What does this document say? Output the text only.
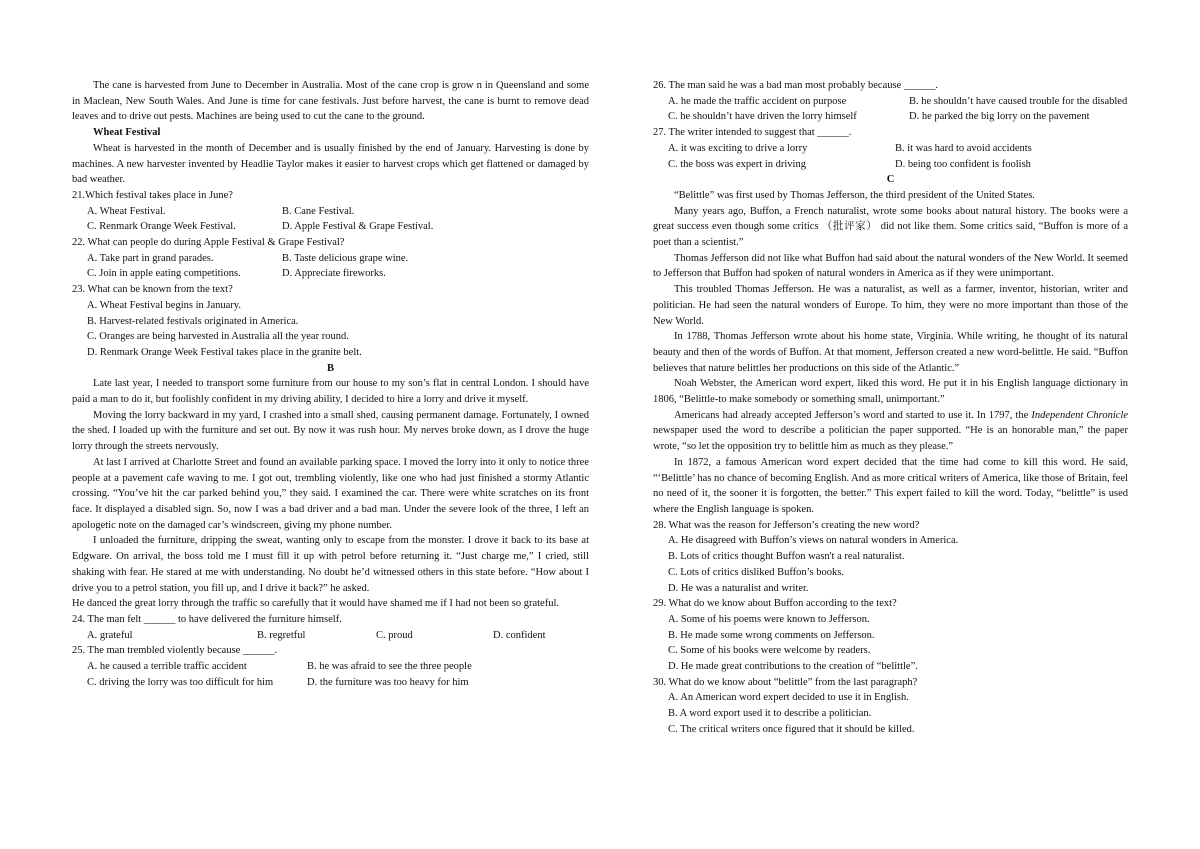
The cane is harvested from June to December in Australia. Most of the cane crop is grow n in Queensland and some in Maclean, New South Wales. And June is time for cane festivals. Just before harvest, the cane is burnt to remove dead leaves and to drive out pests. Machines are being used to cut the cane to the ground.

Wheat Festival

Wheat is harvested in the month of December and is usually finished by the end of January. Harvesting is done by machines. A new harvester invented by Headlie Taylor makes it easier to harvest crops which get flattened or damaged by bad weather.

21.Which festival takes place in June?

A. Wheat Festival.	B. Cane Festival.
C. Renmark Orange Week Festival.	D. Apple Festival & Grape Festival.

22. What can people do during Apple Festival & Grape Festival?

A. Take part in grand parades.	B. Taste delicious grape wine.
C. Join in apple eating competitions.	D. Appreciate fireworks.

23. What can be known from the text?

A. Wheat Festival begins in January.
B. Harvest-related festivals originated in America.
C. Oranges are being harvested in Australia all the year round.
D. Renmark Orange Week Festival takes place in the granite belt.

B

Late last year, I needed to transport some furniture from our house to my son’s flat in central London. I should have paid a man to do it, but foolishly confident in my driving ability, I decided to hire a lorry and drive it myself.

Moving the lorry backward in my yard, I crashed into a small shed, causing permanent damage. Fortunately, I owned the shed. I loaded up with the furniture and set out. By now it was rush hour. My nerves broke down, as I drove the huge lorry through the streets nervously.

At last I arrived at Charlotte Street and found an available parking space. I moved the lorry into it only to notice three people at a pavement cafe waving to me. I got out, trembling violently, like one who had just finished a stormy Atlantic crossing. “You’ve hit the car parked behind you,” they said. I examined the car. There were white scratches on its front face. It displayed a disabled sign. So, now I was a bad driver and a bad man. Under the severe look of the three, I left an apologetic note on the damaged car’s windscreen, giving my phone number.

I unloaded the furniture, dripping the sweat, wanting only to escape from the monster. I drove it back to its base at Edgware. On arrival, the boss told me I must fill it up with petrol before returning it. “Just charge me,” I cried, still shaking with fear. He stared at me with understanding. No doubt he’d witnessed others in this state before. “How about I drive you to a petrol station, you fill up, and I drive it back?” he asked.

He danced the great lorry through the traffic so carefully that it would have shamed me if I had not been so grateful.

24. The man felt ______ to have delivered the furniture himself.

A. grateful	B. regretful	C. proud	D. confident

25. The man trembled violently because ______.

A. he caused a terrible traffic accident	B. he was afraid to see the three people
C. driving the lorry was too difficult for him	D. the furniture was too heavy for him

26. The man said he was a bad man most probably because ______.

A. he made the traffic accident on purpose	B. he shouldn’t have caused trouble for the disabled
C. he shouldn’t have driven the lorry himself	D. he parked the big lorry on the pavement

27. The writer intended to suggest that ______.

A. it was exciting to drive a lorry	B. it was hard to avoid accidents
C. the boss was expert in driving	D. being too confident is foolish

C

“Belittle” was first used by Thomas Jefferson, the third president of the United States.

Many years ago, Buffon, a French naturalist, wrote some books about natural history. The books were a great success even though some critics （批评家） did not like them. Some critics said, “Buffon is more of a poet than a scientist.”

Thomas Jefferson did not like what Buffon had said about the natural wonders of the New World. It seemed to Jefferson that Buffon had spoken of natural wonders in America as if they were unimportant.

This troubled Thomas Jefferson. He was a naturalist, as well as a farmer, inventor, historian, writer and politician. He had seen the natural wonders of Europe. To him, they were no more important than those of the New World.

In 1788, Thomas Jefferson wrote about his home state, Virginia. While writing, he thought of its natural beauty and then of the words of Buffon. At that moment, Jefferson created a new word-belittle. He said. “Buffon believes that nature belittles her productions on this side of the Atlantic.”

Noah Webster, the American word expert, liked this word. He put it in his English language dictionary in 1806, “Belittle-to make somebody or something small, unimportant.”

Americans had already accepted Jefferson’s word and started to use it. In 1797, the Independent Chronicle newspaper used the word to describe a politician the paper supported. “He is an honorable man,” the paper wrote, “so let the opposition try to belittle him as much as they please.”

In 1872, a famous American word expert decided that the time had come to kill this word. He said, “‘Belittle’ has no chance of becoming English. And as more critical writers of America, like those of Britain, feel no need of it, the sooner it is forgotten, the better.” This expert failed to kill the word. Today, “belittle” is used where the English language is spoken.

28. What was the reason for Jefferson’s creating the new word?

A. He disagreed with Buffon’s views on natural wonders in America.
B. Lots of critics thought Buffon wasn't a real naturalist.
C. Lots of critics disliked Buffon’s books.
D. He was a naturalist and writer.

29. What do we know about Buffon according to the text?

A. Some of his poems were known to Jefferson.
B. He made some wrong comments on Jefferson.
C. Some of his books were welcome by readers.
D. He made great contributions to the creation of “belittle”.

30. What do we know about “belittle” from the last paragraph?

A. An American word expert decided to use it in English.
B. A word export used it to describe a politician.
C. The critical writers once figured that it should be killed.
